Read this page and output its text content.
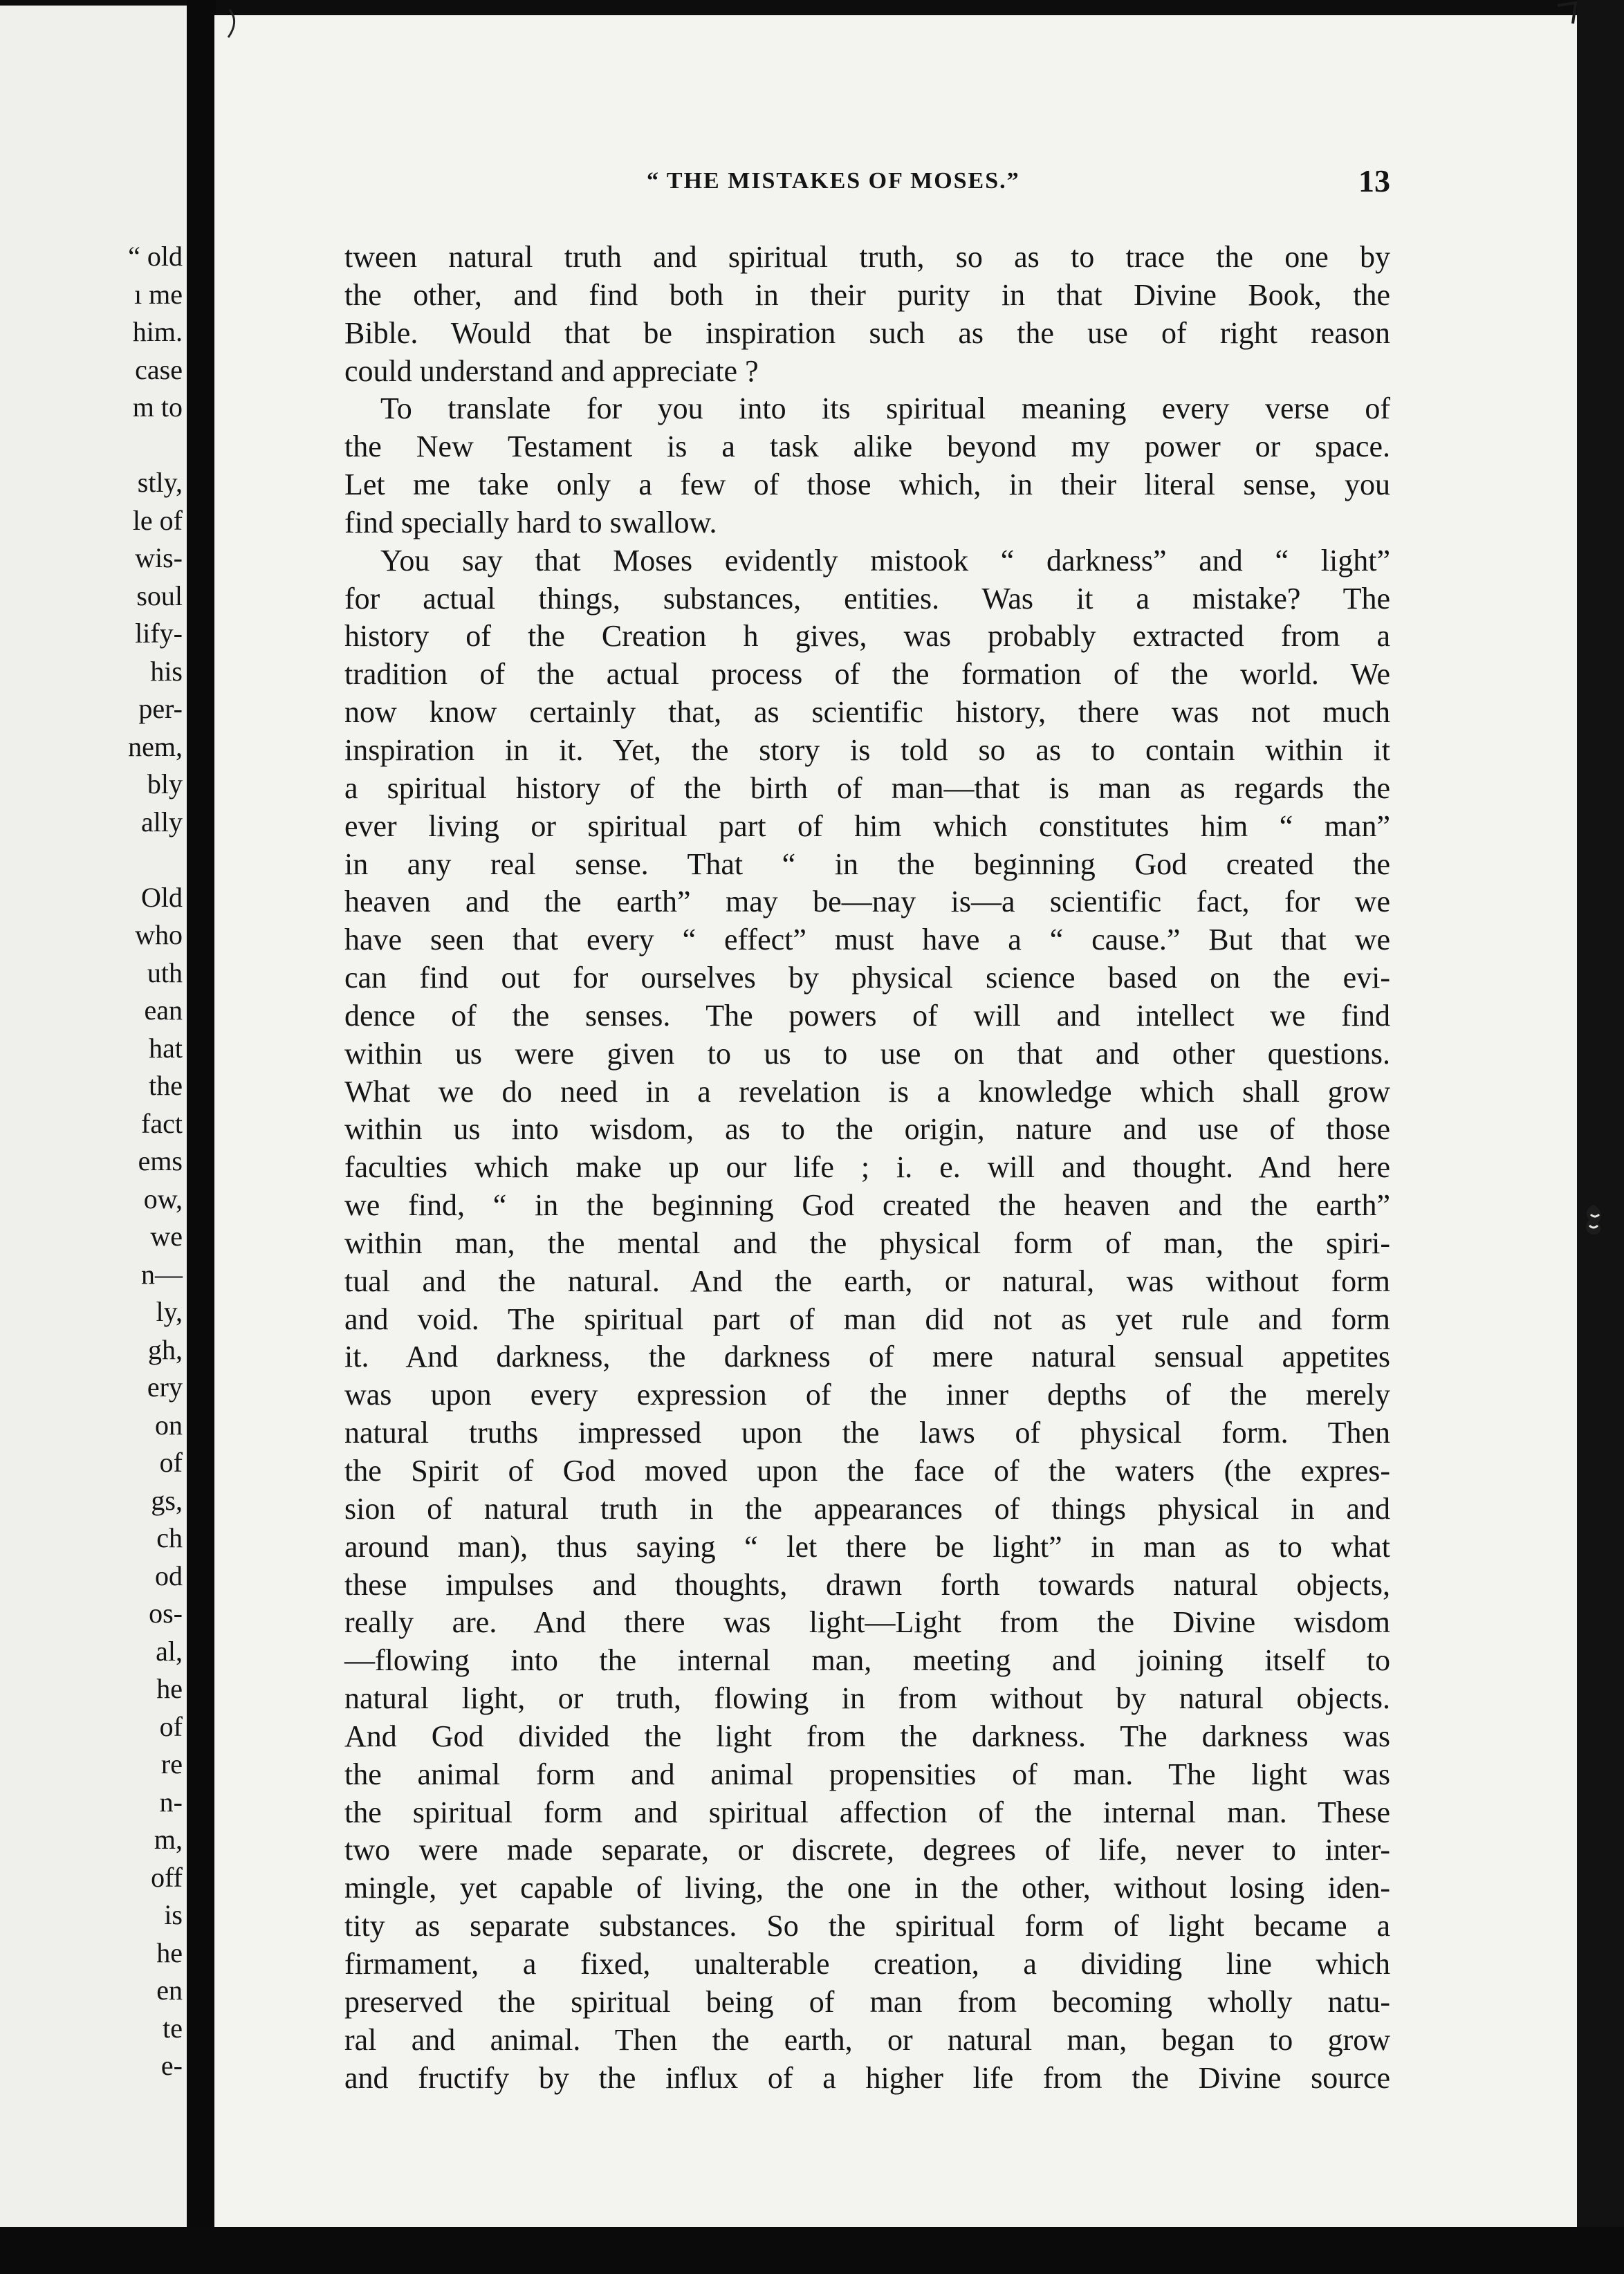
“ old
ı me
him.
case
m to
stly,
le of
wis-
soul
lify-
his
per-
nem,
bly
ally
Old
who
uth
ean
hat
the
fact
ems
ow,
we
n—
ly,
gh,
ery
on
of
gs,
ch
od
os-
al,
he
of
re
n-
m,
off
is
he
en
te
e-
“ THE MISTAKES OF MOSES.”	13
tween natural truth and spiritual truth, so as to trace the one by
the other, and find both in their purity in that Divine Book, the
Bible. Would that be inspiration such as the use of right reason
could understand and appreciate ?
To translate for you into its spiritual meaning every verse of
the New Testament is a task alike beyond my power or space.
Let me take only a few of those which, in their literal sense, you
find specially hard to swallow.
You say that Moses evidently mistook “ darkness” and “ light”
for actual things, substances, entities. Was it a mistake? The
history of the Creation h gives, was probably extracted from a
tradition of the actual process of the formation of the world. We
now know certainly that, as scientific history, there was not much
inspiration in it. Yet, the story is told so as to contain within it
a spiritual history of the birth of man—that is man as regards the
ever living or spiritual part of him which constitutes him “ man”
in any real sense. That “ in the beginning God created the
heaven and the earth” may be—nay is—a scientific fact, for we
have seen that every “ effect” must have a “ cause.” But that we
can find out for ourselves by physical science based on the evi-
dence of the senses. The powers of will and intellect we find
within us were given to us to use on that and other questions.
What we do need in a revelation is a knowledge which shall grow
within us into wisdom, as to the origin, nature and use of those
faculties which make up our life ; i. e. will and thought. And here
we find, “ in the beginning God created the heaven and the earth”
within man, the mental and the physical form of man, the spiri-
tual and the natural. And the earth, or natural, was without form
and void. The spiritual part of man did not as yet rule and form
it. And darkness, the darkness of mere natural sensual appetites
was upon every expression of the inner depths of the merely
natural truths impressed upon the laws of physical form. Then
the Spirit of God moved upon the face of the waters (the expres-
sion of natural truth in the appearances of things physical in and
around man), thus saying “ let there be light” in man as to what
these impulses and thoughts, drawn forth towards natural objects,
really are. And there was light—Light from the Divine wisdom
—flowing into the internal man, meeting and joining itself to
natural light, or truth, flowing in from without by natural objects.
And God divided the light from the darkness. The darkness was
the animal form and animal propensities of man. The light was
the spiritual form and spiritual affection of the internal man. These
two were made separate, or discrete, degrees of life, never to inter-
mingle, yet capable of living, the one in the other, without losing iden-
tity as separate substances. So the spiritual form of light became a
firmament, a fixed, unalterable creation, a dividing line which
preserved the spiritual being of man from becoming wholly natu-
ral and animal. Then the earth, or natural man, began to grow
and fructify by the influx of a higher life from the Divine source
